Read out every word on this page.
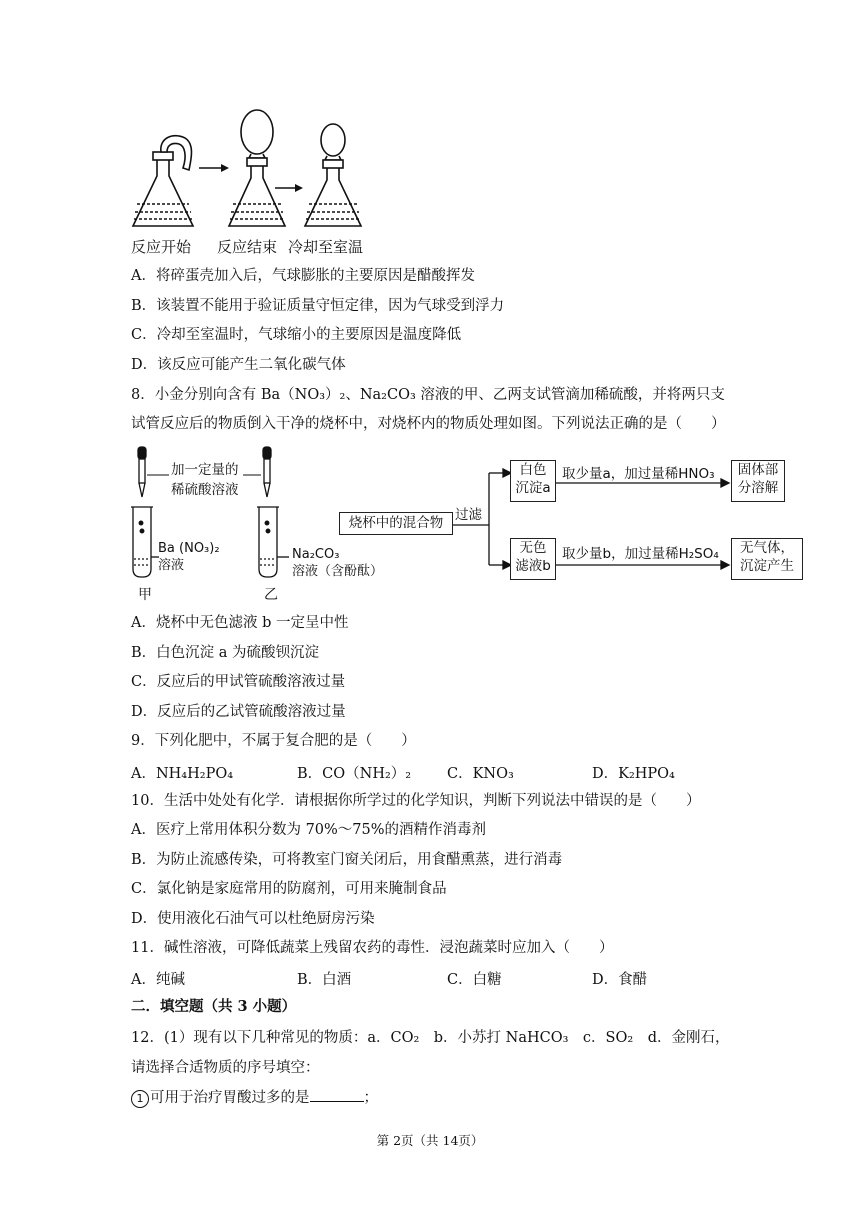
反应开始 反应结束 冷却至室温
A．将碎蛋壳加入后，气球膨胀的主要原因是醋酸挥发
B．该装置不能用于验证质量守恒定律，因为气球受到浮力
C．冷却至室温时，气球缩小的主要原因是温度降低
D．该反应可能产生二氧化碳气体
8．小金分别向含有 Ba（NO₃）₂、Na₂CO₃ 溶液的甲、乙两支试管滴加稀硫酸，并将两只支
试管反应后的物质倒入干净的烧杯中，对烧杯内的物质处理如图。下列说法正确的是（　　）
加一定量的
稀硫酸溶液
Ba (NO₃)₂
溶液
Na₂CO₃
溶液（含酚酞）
甲	乙
烧杯中的混合物 过滤
白色
沉淀a
无色
滤液b
取少量a，加过量稀HNO₃
取少量b，加过量稀H₂SO₄
固体部
分溶解
无气体，
沉淀产生
A．烧杯中无色滤液 b 一定呈中性
B．白色沉淀 a 为硫酸钡沉淀
C．反应后的甲试管硫酸溶液过量
D．反应后的乙试管硫酸溶液过量
9．下列化肥中，不属于复合肥的是（　　）
A．NH₄H₂PO₄	B．CO（NH₂）₂ C．KNO₃	D．K₂HPO₄
10．生活中处处有化学．请根据你所学过的化学知识，判断下列说法中错误的是（　　）
A．医疗上常用体积分数为 70%～75%的酒精作消毒剂
B．为防止流感传染，可将教室门窗关闭后，用食醋熏蒸，进行消毒
C．氯化钠是家庭常用的防腐剂，可用来腌制食品
D．使用液化石油气可以杜绝厨房污染
11．碱性溶液，可降低蔬菜上残留农药的毒性．浸泡蔬菜时应加入（　　）
A．纯碱	B．白酒	C．白糖	D．食醋
二．填空题（共 3 小题）
12．(1）现有以下几种常见的物质：a．CO₂　b．小苏打 NaHCO₃　c．SO₂　d．金刚石，
请选择合适物质的序号填空：
1 可用于治疗胃酸过多的是	；
第 2页（共 14页）
